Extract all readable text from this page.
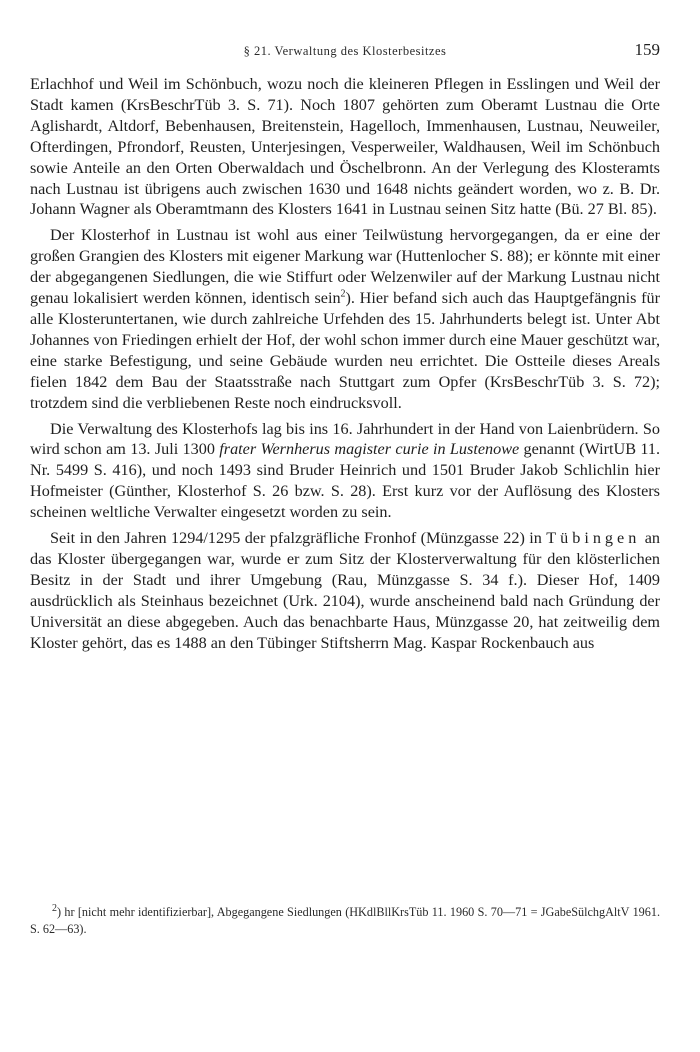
§ 21. Verwaltung des Klosterbesitzes	159

Erlachhof und Weil im Schönbuch, wozu noch die kleineren Pflegen in Esslingen und Weil der Stadt kamen (KrsBeschrTüb 3. S. 71). Noch 1807 gehörten zum Oberamt Lustnau die Orte Aglishardt, Altdorf, Bebenhausen, Breitenstein, Hagelloch, Immenhausen, Lustnau, Neuweiler, Ofterdingen, Pfrondorf, Reusten, Unterjesingen, Vesperweiler, Waldhausen, Weil im Schönbuch sowie Anteile an den Orten Oberwaldach und Öschelbronn. An der Verlegung des Klosteramts nach Lustnau ist übrigens auch zwischen 1630 und 1648 nichts geändert worden, wo z. B. Dr. Johann Wagner als Oberamtmann des Klosters 1641 in Lustnau seinen Sitz hatte (Bü. 27 Bl. 85).

Der Klosterhof in Lustnau ist wohl aus einer Teilwüstung hervorgegangen, da er eine der großen Grangien des Klosters mit eigener Markung war (Huttenlocher S. 88); er könnte mit einer der abgegangenen Siedlungen, die wie Stiffurt oder Welzenwiler auf der Markung Lustnau nicht genau lokalisiert werden können, identisch sein$^2$). Hier befand sich auch das Hauptgefängnis für alle Klosteruntertanen, wie durch zahlreiche Urfehden des 15. Jahrhunderts belegt ist. Unter Abt Johannes von Friedingen erhielt der Hof, der wohl schon immer durch eine Mauer geschützt war, eine starke Befestigung, und seine Gebäude wurden neu errichtet. Die Ostteile dieses Areals fielen 1842 dem Bau der Staatsstraße nach Stuttgart zum Opfer (KrsBeschrTüb 3. S. 72); trotzdem sind die verbliebenen Reste noch eindrucksvoll.

Die Verwaltung des Klosterhofs lag bis ins 16. Jahrhundert in der Hand von Laienbrüdern. So wird schon am 13. Juli 1300 frater Wernherus magister curie in Lustenowe genannt (WirtUB 11. Nr. 5499 S. 416), und noch 1493 sind Bruder Heinrich und 1501 Bruder Jakob Schlichlin hier Hofmeister (Günther, Klosterhof S. 26 bzw. S. 28). Erst kurz vor der Auflösung des Klosters scheinen weltliche Verwalter eingesetzt worden zu sein.

Seit in den Jahren 1294/1295 der pfalzgräfliche Fronhof (Münzgasse 22) in Tübingen an das Kloster übergegangen war, wurde er zum Sitz der Klosterverwaltung für den klösterlichen Besitz in der Stadt und ihrer Umgebung (Rau, Münzgasse S. 34 f.). Dieser Hof, 1409 ausdrücklich als Steinhaus bezeichnet (Urk. 2104), wurde anscheinend bald nach Gründung der Universität an diese abgegeben. Auch das benachbarte Haus, Münzgasse 20, hat zeitweilig dem Kloster gehört, das es 1488 an den Tübinger Stiftsherrn Mag. Kaspar Rockenbauch aus

$^2$) hr [nicht mehr identifizierbar], Abgegangene Siedlungen (HKdlBllKrsTüb 11. 1960 S. 70—71 = JGabeSülchgAltV 1961. S. 62—63).
